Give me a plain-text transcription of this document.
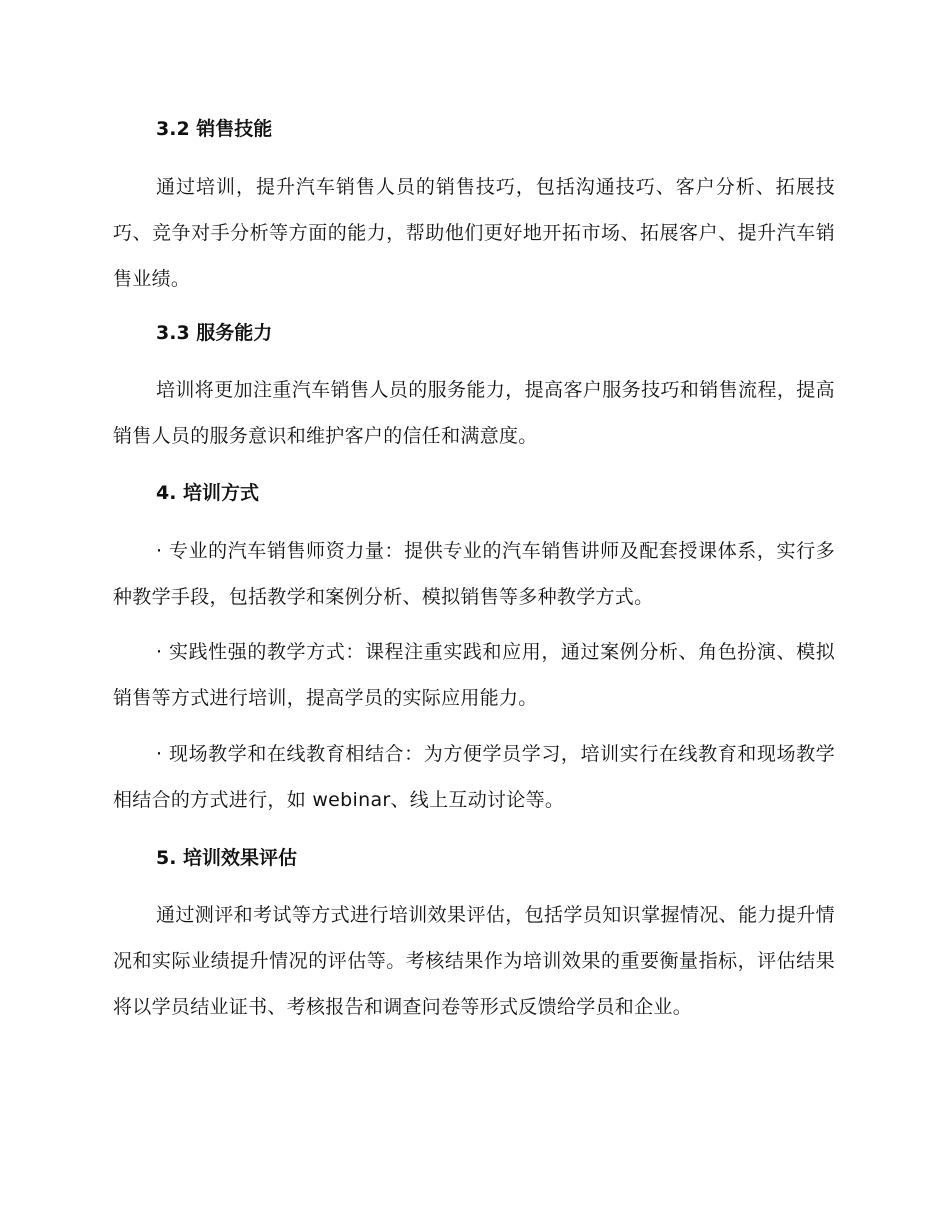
3.2 销售技能
通过培训，提升汽车销售人员的销售技巧，包括沟通技巧、客户分析、拓展技巧、竞争对手分析等方面的能力，帮助他们更好地开拓市场、拓展客户、提升汽车销售业绩。
3.3 服务能力
培训将更加注重汽车销售人员的服务能力，提高客户服务技巧和销售流程，提高销售人员的服务意识和维护客户的信任和满意度。
4. 培训方式
· 专业的汽车销售师资力量：提供专业的汽车销售讲师及配套授课体系，实行多种教学手段，包括教学和案例分析、模拟销售等多种教学方式。
· 实践性强的教学方式：课程注重实践和应用，通过案例分析、角色扮演、模拟销售等方式进行培训，提高学员的实际应用能力。
· 现场教学和在线教育相结合：为方便学员学习，培训实行在线教育和现场教学相结合的方式进行，如 webinar、线上互动讨论等。
5. 培训效果评估
通过测评和考试等方式进行培训效果评估，包括学员知识掌握情况、能力提升情况和实际业绩提升情况的评估等。考核结果作为培训效果的重要衡量指标，评估结果将以学员结业证书、考核报告和调查问卷等形式反馈给学员和企业。
